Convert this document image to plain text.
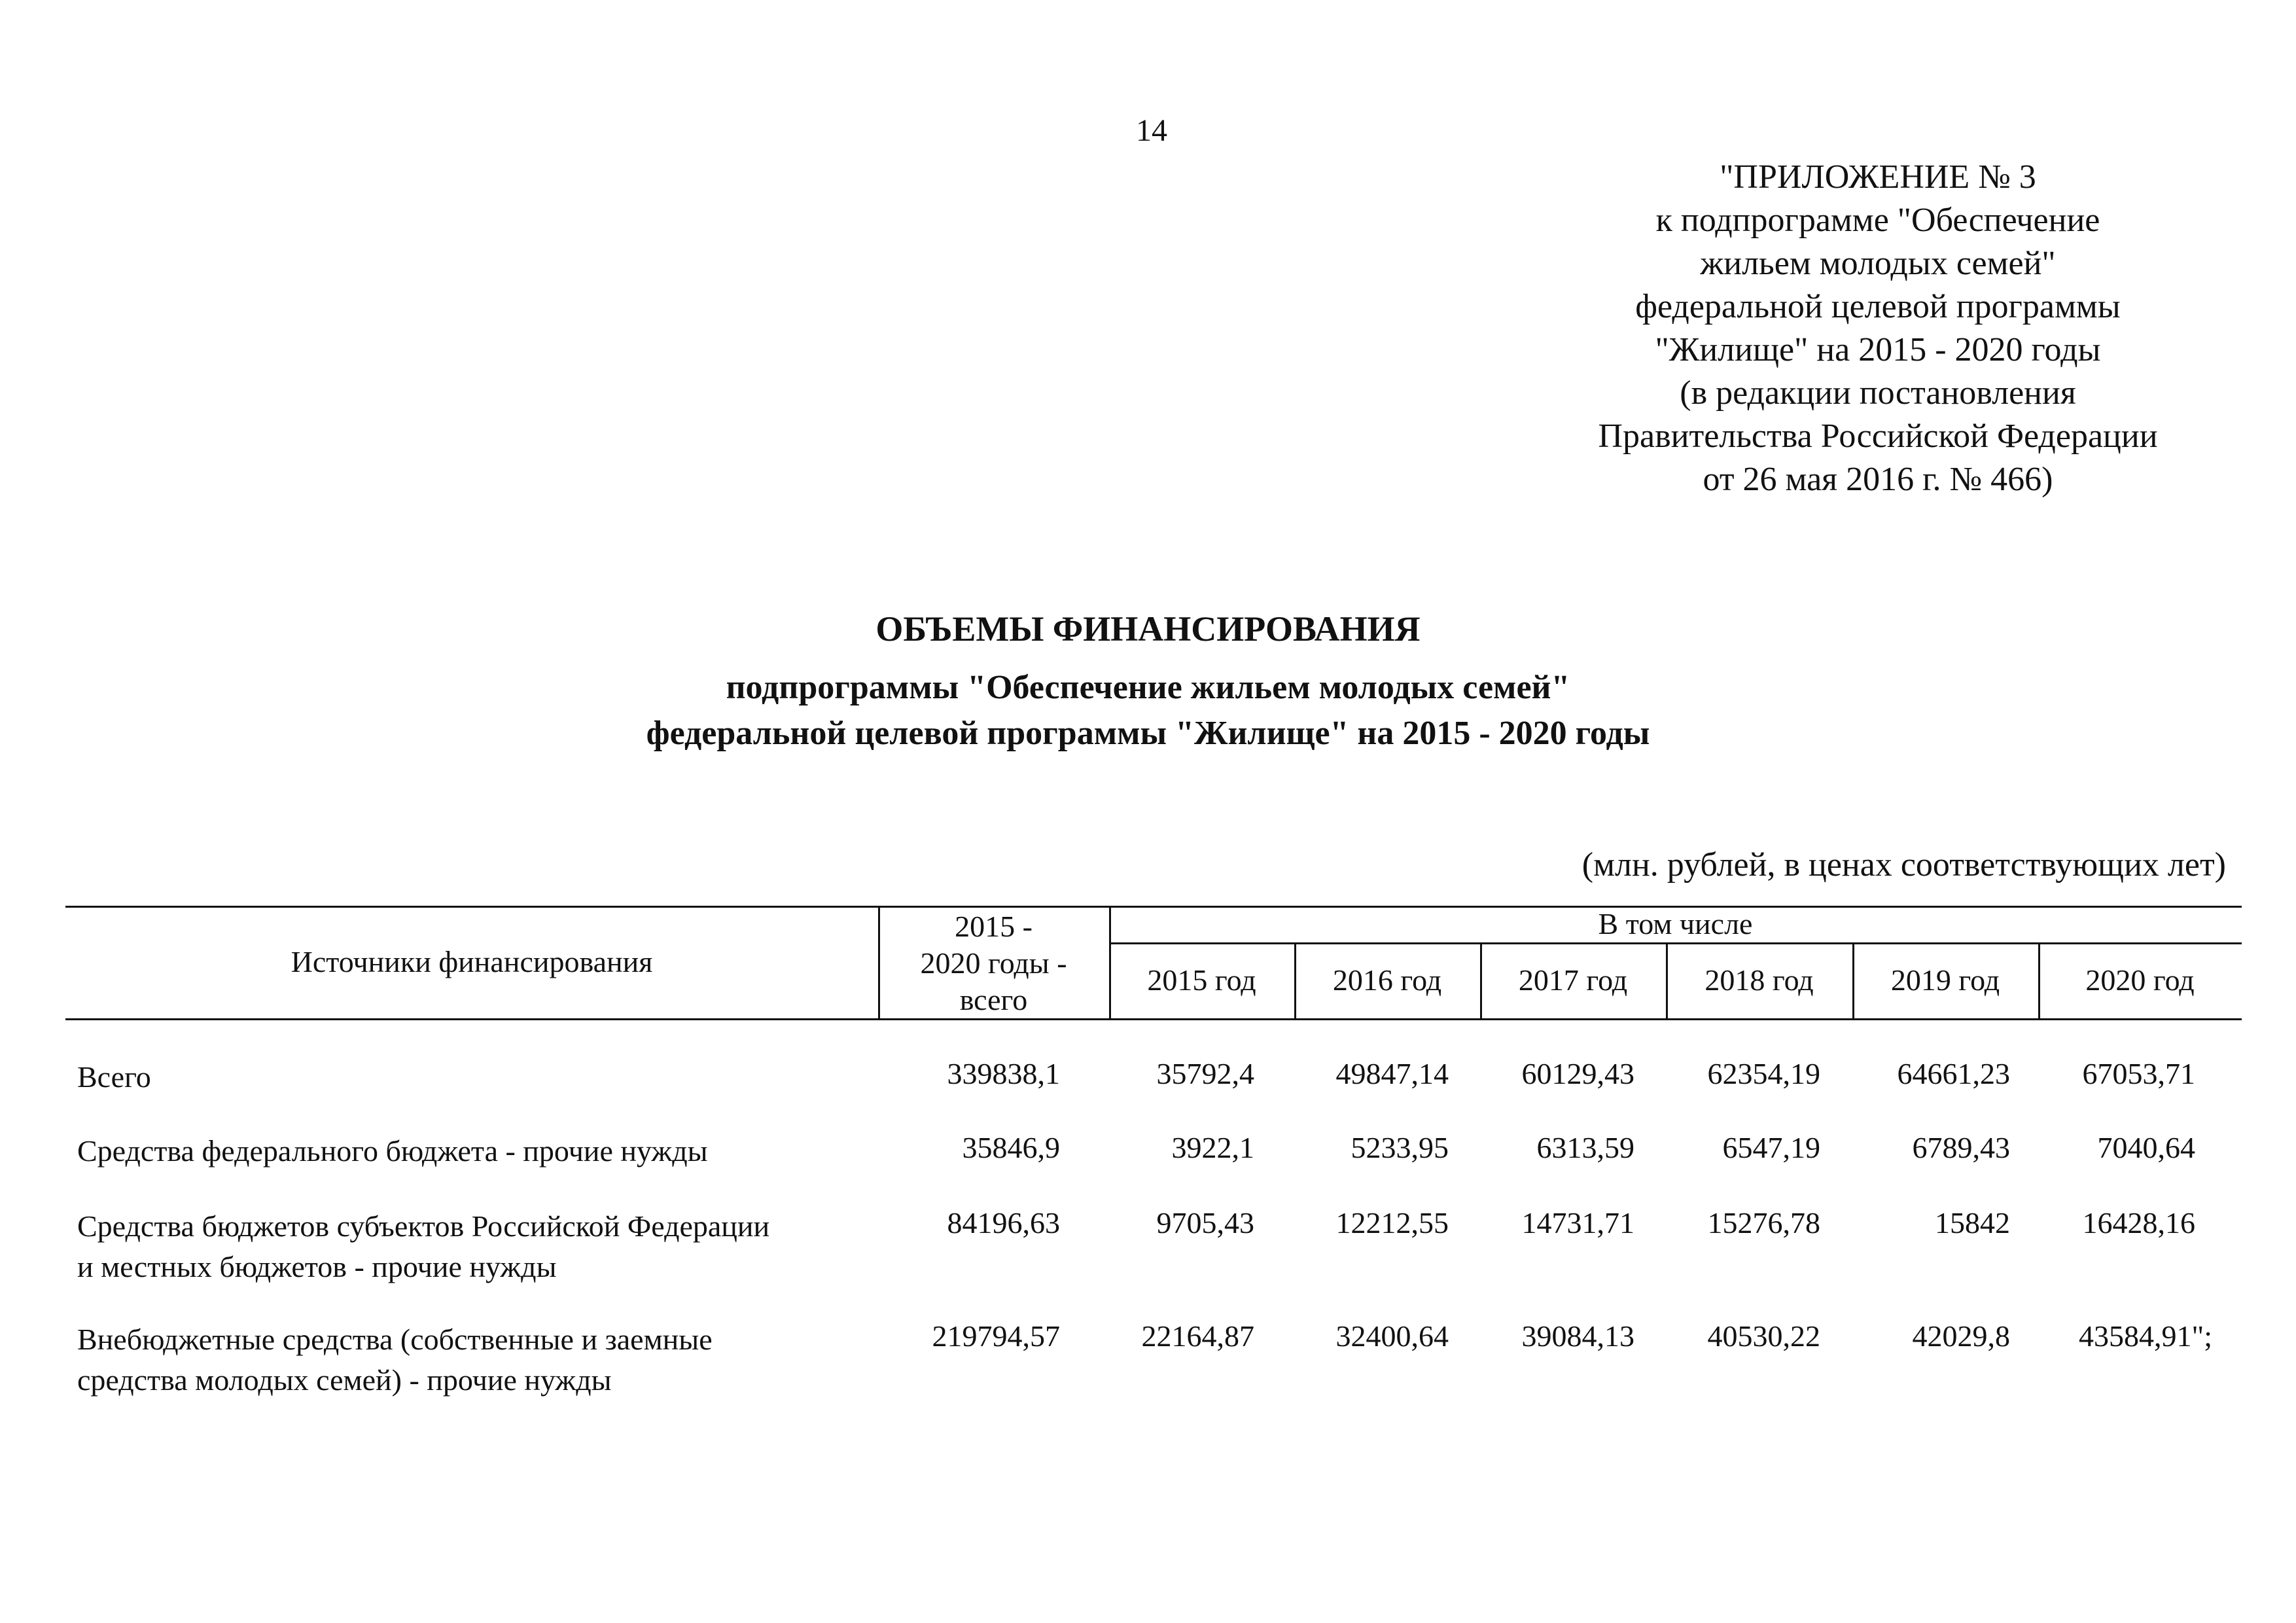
14
"ПРИЛОЖЕНИЕ № 3
к подпрограмме "Обеспечение
жильем молодых семей"
федеральной целевой программы
"Жилище" на 2015 - 2020 годы
(в редакции постановления
Правительства Российской Федерации
от 26 мая 2016 г. № 466)
ОБЪЕМЫ ФИНАНСИРОВАНИЯ
подпрограммы "Обеспечение жильем молодых семей"
федеральной целевой программы "Жилище" на 2015 - 2020 годы
(млн. рублей, в ценах соответствующих лет)
Источники финансирования
2015 -
2020 годы -
всего
В том числе
2015 год	2016 год	2017 год	2018 год	2019 год	2020 год
Всего	339838,1	35792,4	49847,14	60129,43	62354,19	64661,23	67053,71
Средства федерального бюджета - прочие нужды	35846,9	3922,1	5233,95	6313,59	6547,19	6789,43	7040,64
Средства бюджетов субъектов Российской Федерации
и местных бюджетов - прочие нужды
84196,63	9705,43	12212,55	14731,71	15276,78	15842	16428,16
Внебюджетные средства (собственные и заемные
средства молодых семей) - прочие нужды
219794,57	22164,87	32400,64	39084,13	40530,22	42029,8	43584,91";
